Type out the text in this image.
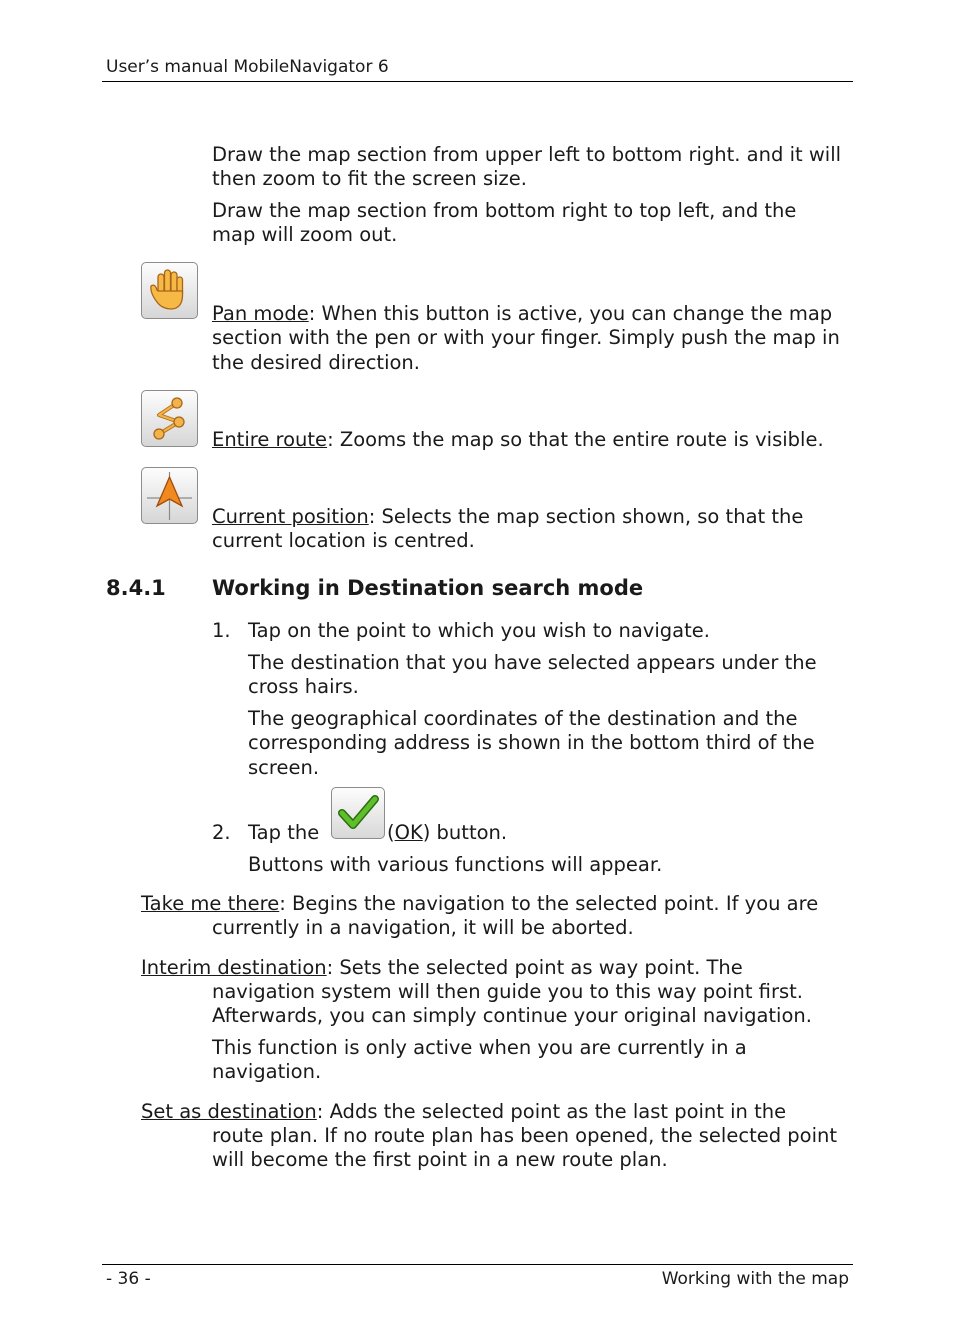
User’s manual MobileNavigator 6
Draw the map section from upper left to bottom right. and it will then zoom to fit the screen size.
Draw the map section from bottom right to top left, and the map will zoom out.
Pan mode: When this button is active, you can change the map section with the pen or with your finger. Simply push the map in the desired direction.
Entire route: Zooms the map so that the entire route is visible.
Current position: Selects the map section shown, so that the current location is centred.
8.4.1 Working in Destination search mode
1. Tap on the point to which you wish to navigate.
The destination that you have selected appears under the cross hairs.
The geographical coordinates of the destination and the corresponding address is shown in the bottom third of the screen.
2. Tap the	(OK) button.
Buttons with various functions will appear.
Take me there: Begins the navigation to the selected point. If you are
currently in a navigation, it will be aborted.
Interim destination: Sets the selected point as way point. The
navigation system will then guide you to this way point first. Afterwards, you can simply continue your original navigation.
This function is only active when you are currently in a navigation.
Set as destination: Adds the selected point as the last point in the
route plan. If no route plan has been opened, the selected point will become the first point in a new route plan.
- 36 -	Working with the map
